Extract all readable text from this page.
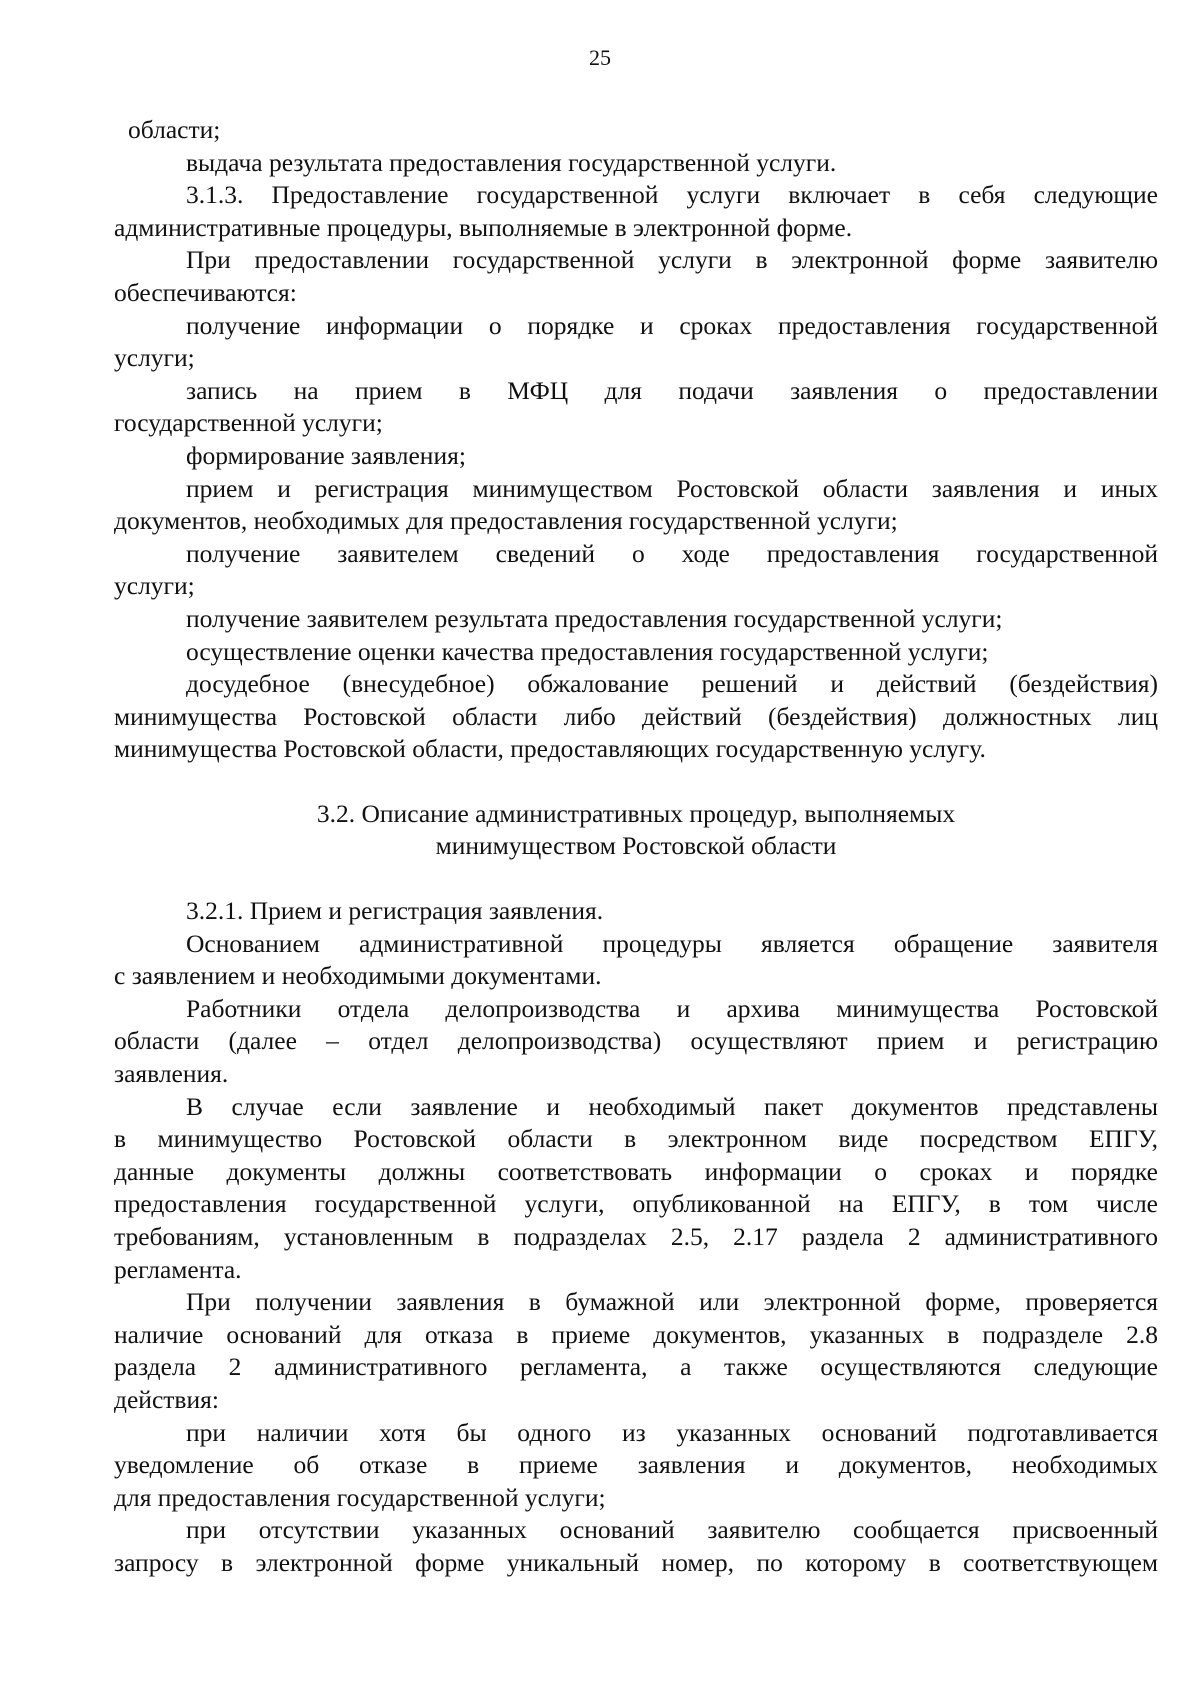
25
области;
выдача результата предоставления государственной услуги.
3.1.3. Предоставление государственной услуги включает в себя следующие
административные процедуры, выполняемые в электронной форме.
При предоставлении государственной услуги в электронной форме заявителю
обеспечиваются:
получение информации о порядке и сроках предоставления государственной
услуги;
запись на прием в МФЦ для подачи заявления о предоставлении
государственной услуги;
формирование заявления;
прием и регистрация минимуществом Ростовской области заявления и иных
документов, необходимых для предоставления государственной услуги;
получение заявителем сведений о ходе предоставления государственной
услуги;
получение заявителем результата предоставления государственной услуги;
осуществление оценки качества предоставления государственной услуги;
досудебное (внесудебное) обжалование решений и действий (бездействия)
минимущества Ростовской области либо действий (бездействия) должностных лиц
минимущества Ростовской области, предоставляющих государственную услугу.
3.2. Описание административных процедур, выполняемых
минимуществом Ростовской области
3.2.1. Прием и регистрация заявления.
Основанием административной процедуры является обращение заявителя
с заявлением и необходимыми документами.
Работники отдела делопроизводства и архива минимущества Ростовской
области (далее – отдел делопроизводства) осуществляют прием и регистрацию
заявления.
В случае если заявление и необходимый пакет документов представлены
в минимущество Ростовской области в электронном виде посредством ЕПГУ,
данные документы должны соответствовать информации о сроках и порядке
предоставления государственной услуги, опубликованной на ЕПГУ, в том числе
требованиям, установленным в подразделах 2.5, 2.17 раздела 2 административного
регламента.
При получении заявления в бумажной или электронной форме, проверяется
наличие оснований для отказа в приеме документов, указанных в подразделе 2.8
раздела 2 административного регламента, а также осуществляются следующие
действия:
при наличии хотя бы одного из указанных оснований подготавливается
уведомление об отказе в приеме заявления и документов, необходимых
для предоставления государственной услуги;
при отсутствии указанных оснований заявителю сообщается присвоенный
запросу в электронной форме уникальный номер, по которому в соответствующем
